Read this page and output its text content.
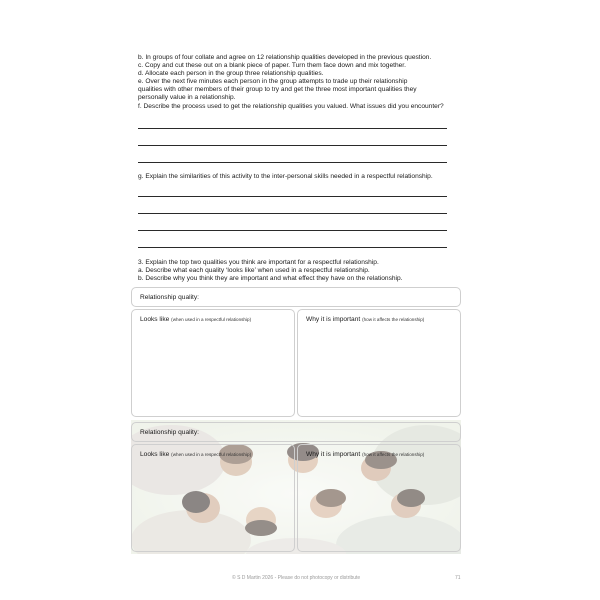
b. In groups of four collate and agree on 12 relationship qualities developed in the previous question.

c. Copy and cut these out on a blank piece of paper. Turn them face down and mix together.

d. Allocate each person in the group three relationship qualities.

e. Over the next five minutes each person in the group attempts to trade up their relationship

qualities with other members of their group to try and get the three most important qualities they

personally value in a relationship.

f. Describe the process used to get the relationship qualities you valued. What issues did you encounter?

g. Explain the similarities of this activity to the inter-personal skills needed in a respectful relationship.

3. Explain the top two qualities you think are important for a respectful relationship.

a. Describe what each quality ‘looks like’ when used in a respectful relationship.

b. Describe why you think they are important and what effect they have on the relationship.

Relationship quality:
Looks like (when used in a respectful relationship)	Why it is important (how it affects the relationship)
Relationship quality:
Looks like (when used in a respectful relationship)	Why it is important (how it affects the relationship)
© S D Martin 2026 - Please do not photocopy or distribute	71
